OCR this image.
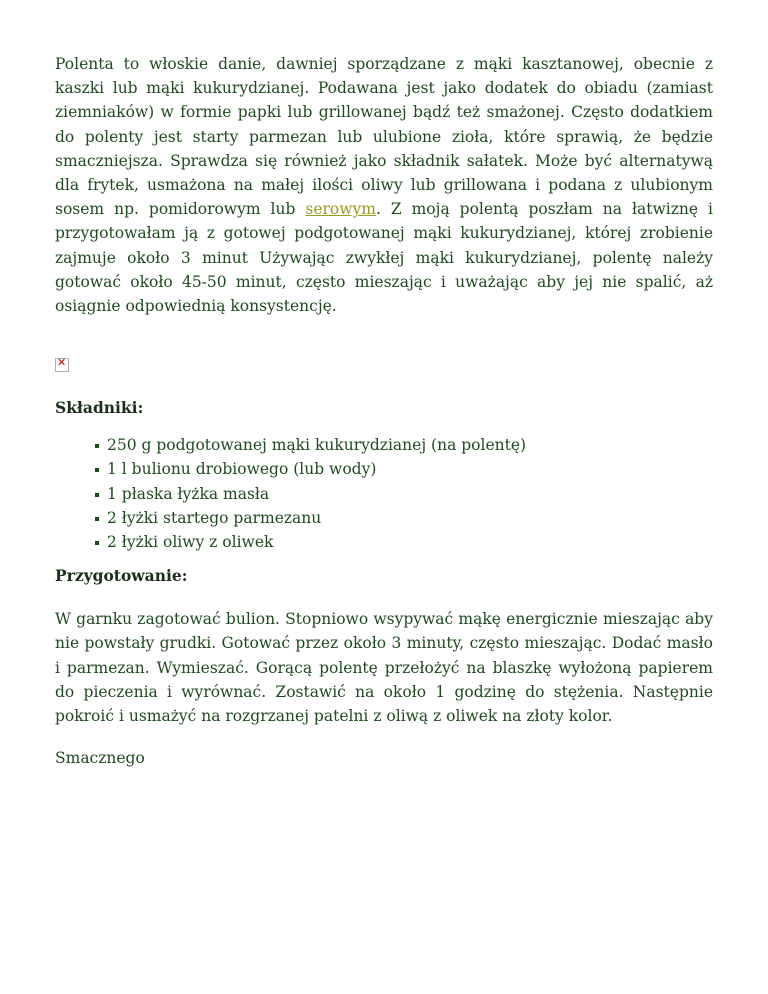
Polenta to włoskie danie, dawniej sporządzane z mąki kasztanowej, obecnie z kaszki lub mąki kukurydzianej. Podawana jest jako dodatek do obiadu (zamiast ziemniaków) w formie papki lub grillowanej bądź też smażonej. Często dodatkiem do polenty jest starty parmezan lub ulubione zioła, które sprawią, że będzie smaczniejsza. Sprawdza się również jako składnik sałatek. Może być alternatywą dla frytek, usmażona na małej ilości oliwy lub grillowana i podana z ulubionym sosem np. pomidorowym lub serowym. Z moją polentą poszłam na łatwiznę i przygotowałam ją z gotowej podgotowanej mąki kukurydzianej, której zrobienie zajmuje około 3 minut Używając zwykłej mąki kukurydzianej, polentę należy gotować około 45-50 minut, często mieszając i uważając aby jej nie spalić, aż osiągnie odpowiednią konsystencję.

✕
Składniki:
250 g podgotowanej mąki kukurydzianej (na polentę)
1 l bulionu drobiowego (lub wody)
1 płaska łyżka masła
2 łyżki startego parmezanu
2 łyżki oliwy z oliwek
Przygotowanie:

W garnku zagotować bulion. Stopniowo wsypywać mąkę energicznie mieszając aby nie powstały grudki. Gotować przez około 3 minuty, często mieszając. Dodać masło i parmezan. Wymieszać. Gorącą polentę przełożyć na blaszkę wyłożoną papierem do pieczenia i wyrównać. Zostawić na około 1 godzinę do stężenia. Następnie pokroić i usmażyć na rozgrzanej patelni z oliwą z oliwek na złoty kolor.

Smacznego
